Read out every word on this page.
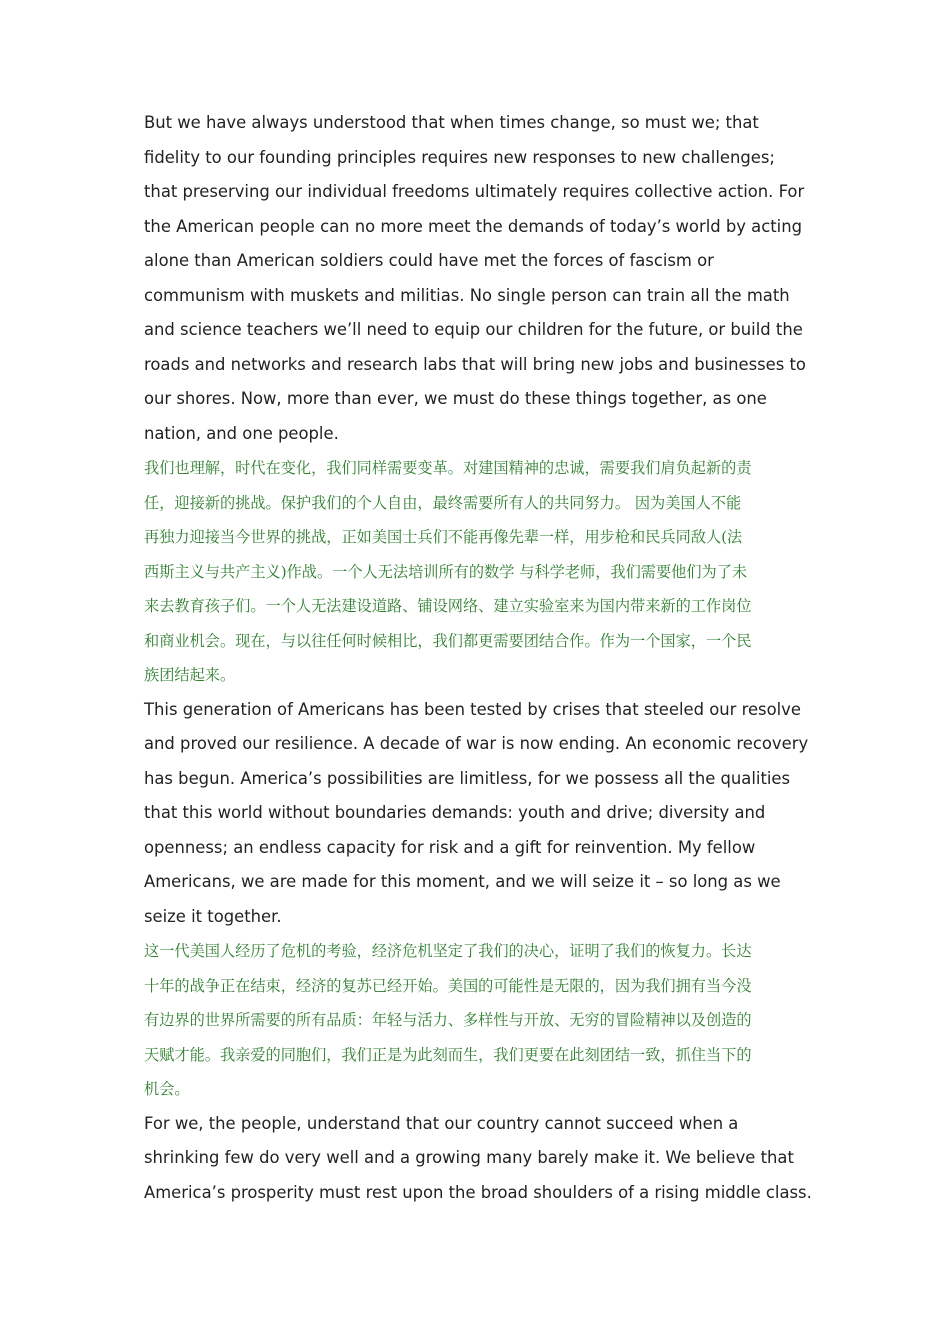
But we have always understood that when times change, so must we; that
fidelity to our founding principles requires new responses to new challenges;
that preserving our individual freedoms ultimately requires collective action. For
the American people can no more meet the demands of today’s world by acting
alone than American soldiers could have met the forces of fascism or
communism with muskets and militias. No single person can train all the math
and science teachers we’ll need to equip our children for the future, or build the
roads and networks and research labs that will bring new jobs and businesses to
our shores. Now, more than ever, we must do these things together, as one
nation, and one people.

我们也理解，时代在变化，我们同样需要变革。对建国精神的忠诚，需要我们肩负起新的责
任，迎接新的挑战。保护我们的个人自由，最终需要所有人的共同努力。 因为美国人不能
再独力迎接当今世界的挑战，正如美国士兵们不能再像先辈一样，用步枪和民兵同敌人(法
西斯主义与共产主义)作战。一个人无法培训所有的数学 与科学老师，我们需要他们为了未
来去教育孩子们。一个人无法建设道路、铺设网络、建立实验室来为国内带来新的工作岗位
和商业机会。现在，与以往任何时候相比，我们都更需要团结合作。作为一个国家，一个民
族团结起来。

This generation of Americans has been tested by crises that steeled our resolve
and proved our resilience. A decade of war is now ending. An economic recovery
has begun. America’s possibilities are limitless, for we possess all the qualities
that this world without boundaries demands: youth and drive; diversity and
openness; an endless capacity for risk and a gift for reinvention. My fellow
Americans, we are made for this moment, and we will seize it – so long as we
seize it together.

这一代美国人经历了危机的考验，经济危机坚定了我们的决心，证明了我们的恢复力。长达
十年的战争正在结束，经济的复苏已经开始。美国的可能性是无限的，因为我们拥有当今没
有边界的世界所需要的所有品质：年轻与活力、多样性与开放、无穷的冒险精神以及创造的
天赋才能。我亲爱的同胞们，我们正是为此刻而生，我们更要在此刻团结一致，抓住当下的
机会。

For we, the people, understand that our country cannot succeed when a
shrinking few do very well and a growing many barely make it. We believe that
America’s prosperity must rest upon the broad shoulders of a rising middle class.
